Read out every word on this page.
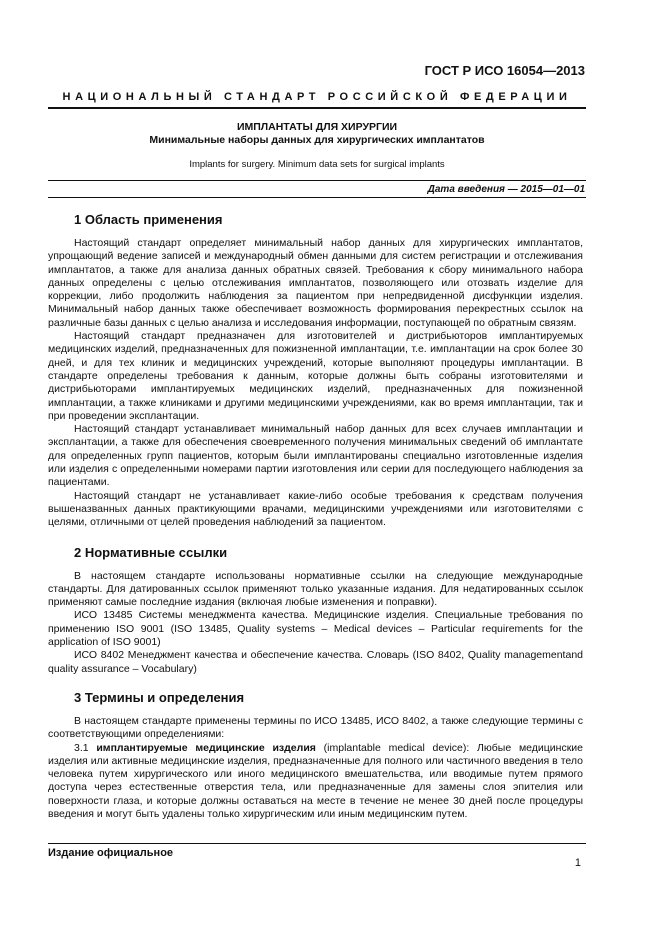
ГОСТ Р ИСО 16054—2013
НАЦИОНАЛЬНЫЙ СТАНДАРТ РОССИЙСКОЙ ФЕДЕРАЦИИ
ИМПЛАНТАТЫ ДЛЯ ХИРУРГИИ
Минимальные наборы данных для хирургических имплантатов
Implants for surgery. Minimum data sets for surgical implants
Дата введения — 2015—01—01
1 Область применения

Настоящий стандарт определяет минимальный набор данных для хирургических имплантатов, упрощающий ведение записей и международный обмен данными для систем регистрации и отслеживания имплантатов, а также для анализа данных обратных связей. Требования к сбору минимального набора данных определены с целью отслеживания имплантатов, позволяющего или отозвать изделие для коррекции, либо продолжить наблюдения за пациентом при непредвиденной дисфункции изделия. Минимальный набор данных также обеспечивает возможность формирования перекрестных ссылок на различные базы данных с целью анализа и исследования информации, поступающей по обратным связям.

Настоящий стандарт предназначен для изготовителей и дистрибьюторов имплантируемых медицинских изделий, предназначенных для пожизненной имплантации, т.е. имплантации на срок более 30 дней, и для тех клиник и медицинских учреждений, которые выполняют процедуры имплантации. В стандарте определены требования к данным, которые должны быть собраны изготовителями и дистрибьюторами имплантируемых медицинских изделий, предназначенных для пожизненной имплантации, а также клиниками и другими медицинскими учреждениями, как во время имплантации, так и при проведении эксплантации.

Настоящий стандарт устанавливает минимальный набор данных для всех случаев имплантации и эксплантации, а также для обеспечения своевременного получения минимальных сведений об имплантате для определенных групп пациентов, которым были имплантированы специально изготовленные изделия или изделия с определенными номерами партии изготовления или серии для последующего наблюдения за пациентами.

Настоящий стандарт не устанавливает какие-либо особые требования к средствам получения вышеназванных данных практикующими врачами, медицинскими учреждениями или изготовителями с целями, отличными от целей проведения наблюдений за пациентом.

2 Нормативные ссылки

В настоящем стандарте использованы нормативные ссылки на следующие международные стандарты. Для датированных ссылок применяют только указанные издания. Для недатированных ссылок применяют самые последние издания (включая любые изменения и поправки).

ИСО 13485 Системы менеджмента качества. Медицинские изделия. Специальные требования по применению ISO 9001 (ISO 13485, Quality systems – Medical devices – Particular requirements for the application of ISO 9001)

ИСО 8402 Менеджмент качества и обеспечение качества. Словарь (ISO 8402, Quality managementand quality assurance – Vocabulary)

3 Термины и определения

В настоящем стандарте применены термины по ИСО 13485, ИСО 8402, а также следующие термины с соответствующими определениями:

3.1 имплантируемые медицинские изделия (implantable medical device): Любые медицинские изделия или активные медицинские изделия, предназначенные для полного или частичного введения в тело человека путем хирургического или иного медицинского вмешательства, или вводимые путем прямого доступа через естественные отверстия тела, или предназначенные для замены слоя эпителия или поверхности глаза, и которые должны оставаться на месте в течение не менее 30 дней после процедуры введения и могут быть удалены только хирургическим или иным медицинским путем.

Издание официальное
1
